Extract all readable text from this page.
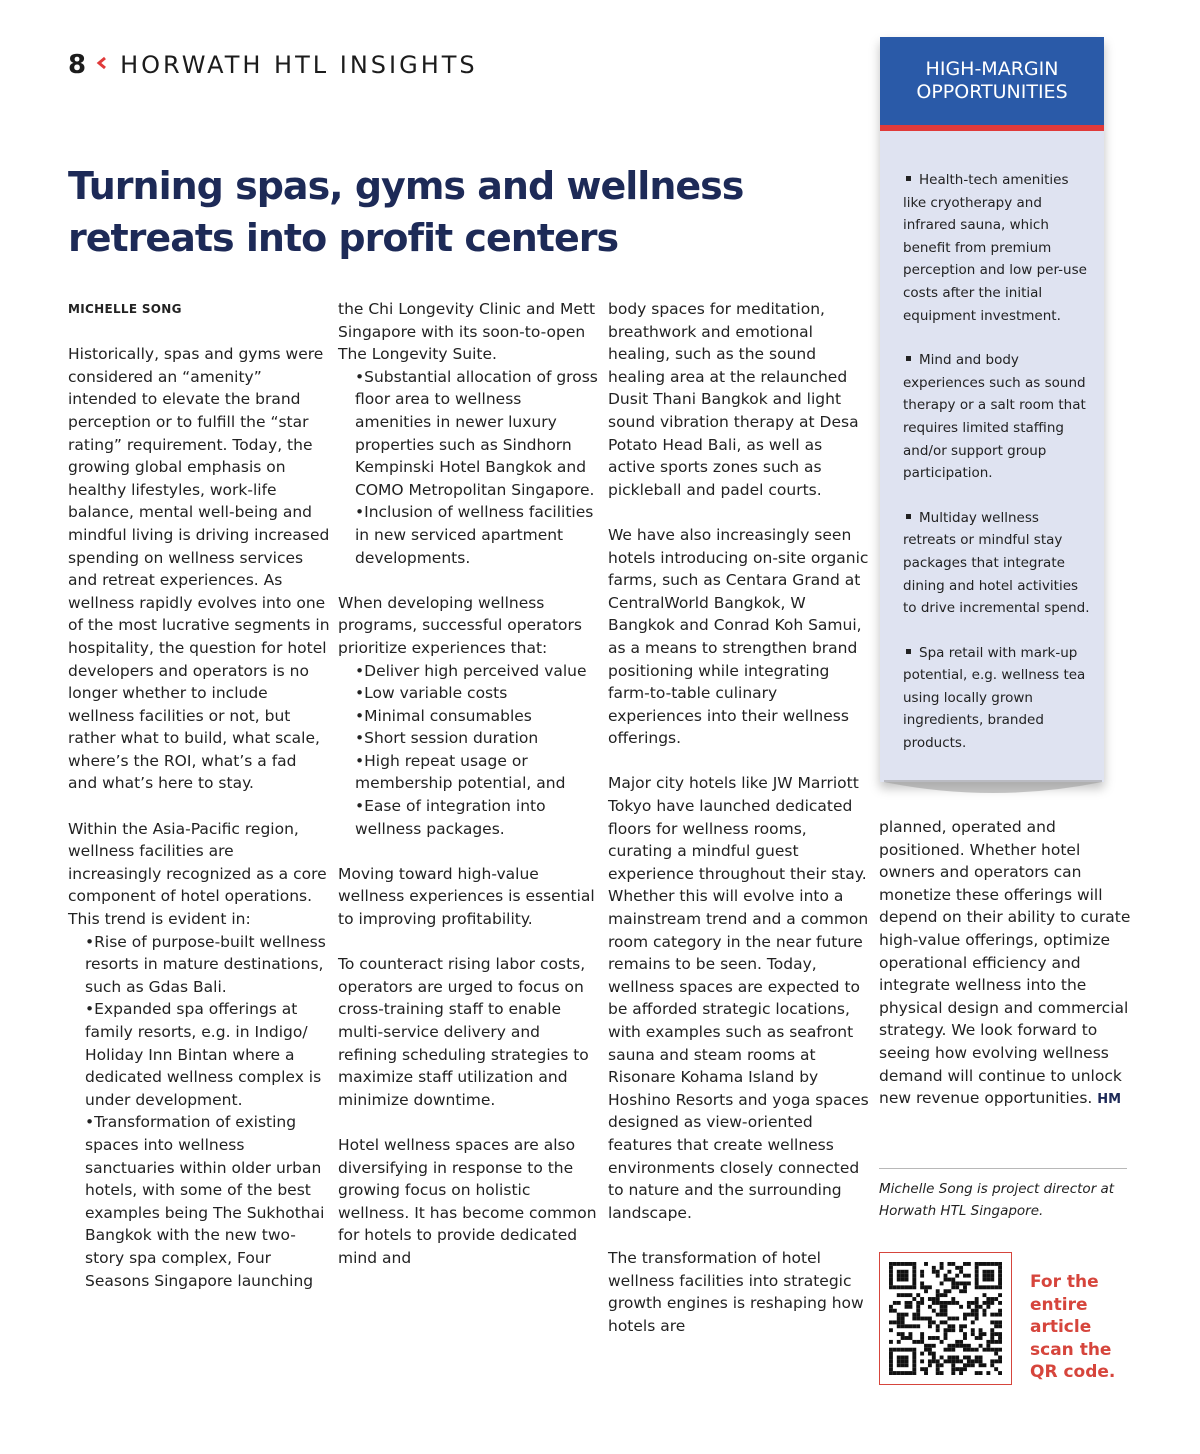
8 HORWATH HTL INSIGHTS
Turning spas, gyms and wellness
retreats into profit centers

MICHELLE SONG

Historically, spas and gyms were considered an “amenity” intended to elevate the brand perception or to fulfill the “star rating” requirement. Today, the growing global emphasis on healthy lifestyles, work-life balance, mental well-being and mindful living is driving increased spending on wellness services and retreat experiences. As wellness rapidly evolves into one of the most lucrative segments in hospitality, the question for hotel developers and operators is no longer whether to include wellness facilities or not, but rather what to build, what scale, where’s the ROI, what’s a fad and what’s here to stay.

Within the Asia-Pacific region, wellness facilities are increasingly recognized as a core component of hotel operations. This trend is evident in:

•Rise of purpose-built wellness resorts in mature destinations, such as Gdas Bali.

•Expanded spa offerings at family resorts, e.g. in Indigo/ Holiday Inn Bintan where a dedicated wellness complex is under development.

•Transformation of existing spaces into wellness sanctuaries within older urban hotels, with some of the best examples being The Sukhothai Bangkok with the new two-story spa complex, Four Seasons Singapore launching

the Chi Longevity Clinic and Mett Singapore with its soon-to-open The Longevity Suite.

•Substantial allocation of gross floor area to wellness amenities in newer luxury properties such as Sindhorn Kempinski Hotel Bangkok and COMO Metropolitan Singapore.

•Inclusion of wellness facilities in new serviced apartment developments.

When developing wellness programs, successful operators prioritize experiences that:

•Deliver high perceived value

•Low variable costs

•Minimal consumables

•Short session duration

•High repeat usage or membership potential, and

•Ease of integration into wellness packages.

Moving toward high-value wellness experiences is essential to improving profitability.

To counteract rising labor costs, operators are urged to focus on cross-training staff to enable multi-service delivery and refining scheduling strategies to maximize staff utilization and minimize downtime.

Hotel wellness spaces are also diversifying in response to the growing focus on holistic wellness. It has become common for hotels to provide dedicated mind and

body spaces for meditation, breathwork and emotional healing, such as the sound healing area at the relaunched Dusit Thani Bangkok and light sound vibration therapy at Desa Potato Head Bali, as well as active sports zones such as pickleball and padel courts.

We have also increasingly seen hotels introducing on-site organic farms, such as Centara Grand at CentralWorld Bangkok, W Bangkok and Conrad Koh Samui, as a means to strengthen brand positioning while integrating farm-to-table culinary experiences into their wellness offerings.

Major city hotels like JW Marriott Tokyo have launched dedicated floors for wellness rooms, curating a mindful guest experience throughout their stay. Whether this will evolve into a mainstream trend and a common room category in the near future remains to be seen. Today, wellness spaces are expected to be afforded strategic locations, with examples such as seafront sauna and steam rooms at Risonare Kohama Island by Hoshino Resorts and yoga spaces designed as view-oriented features that create wellness environments closely connected to nature and the surrounding landscape.

The transformation of hotel wellness facilities into strategic growth engines is reshaping how hotels are

planned, operated and positioned. Whether hotel owners and operators can monetize these offerings will depend on their ability to curate high-value offerings, optimize operational efficiency and integrate wellness into the physical design and commercial strategy. We look forward to seeing how evolving wellness demand will continue to unlock new revenue opportunities. HM

HIGH-MARGIN
OPPORTUNITIES
Health-tech amenities like cryotherapy and infrared sauna, which benefit from premium perception and low per-use costs after the initial equipment investment.
Mind and body experiences such as sound therapy or a salt room that requires limited staffing and/or support group participation.
Multiday wellness retreats or mindful stay packages that integrate dining and hotel activities to drive incremental spend.
Spa retail with mark-up potential, e.g. wellness tea using locally grown ingredients, branded products.

Michelle Song is project director at Horwath HTL Singapore.

For the entire article scan the QR code.
